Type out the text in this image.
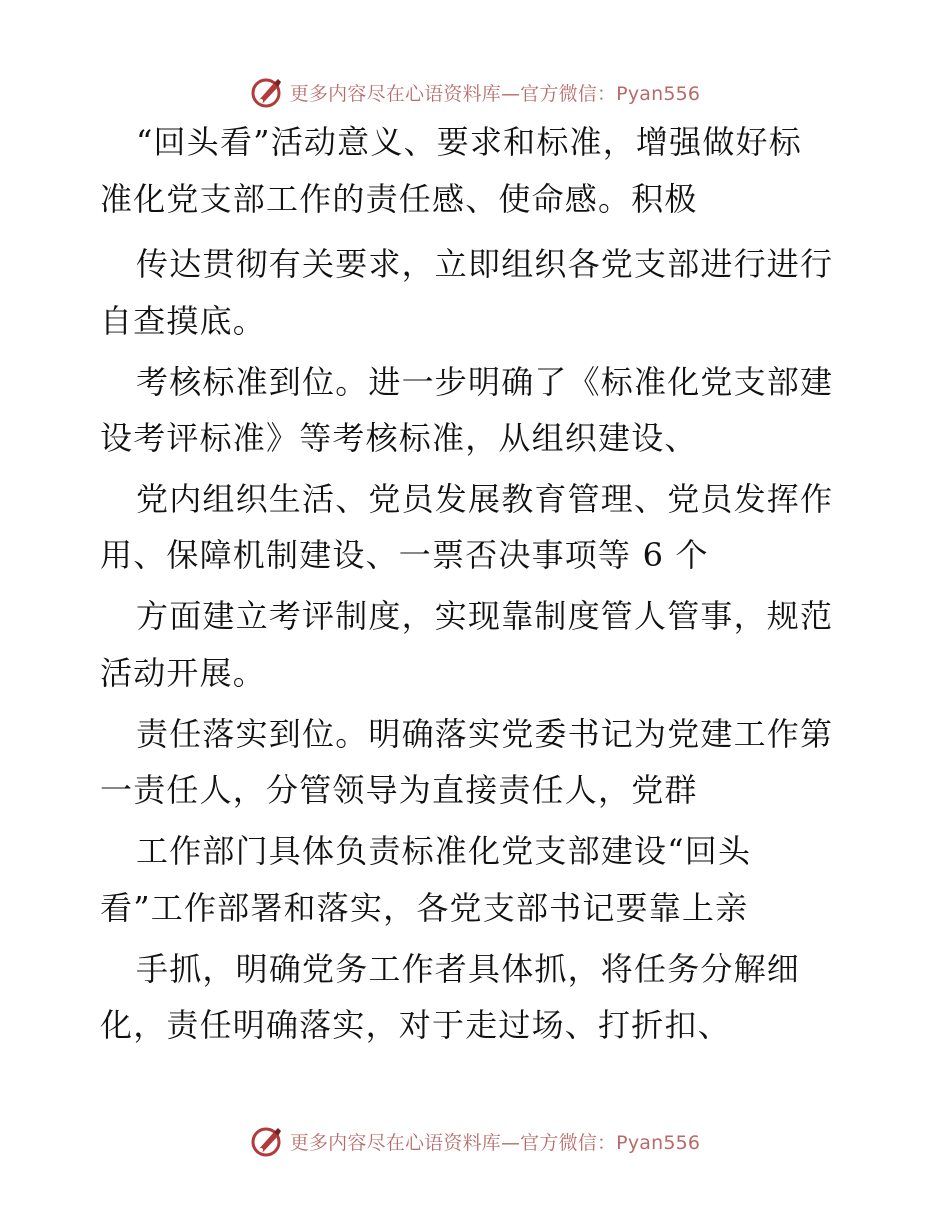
更多内容尽在心语资料库—官方微信：Pyan556
“回头看”活动意义、要求和标准，增强做好标
准化党支部工作的责任感、使命感。积极
传达贯彻有关要求，立即组织各党支部进行进行
自查摸底。
考核标准到位。进一步明确了《标准化党支部建
设考评标准》等考核标准，从组织建设、
党内组织生活、党员发展教育管理、党员发挥作
用、保障机制建设、一票否决事项等 6 个
方面建立考评制度，实现靠制度管人管事，规范
活动开展。
责任落实到位。明确落实党委书记为党建工作第
一责任人，分管领导为直接责任人，党群
工作部门具体负责标准化党支部建设“回头
看”工作部署和落实，各党支部书记要靠上亲
手抓，明确党务工作者具体抓，将任务分解细
化，责任明确落实，对于走过场、打折扣、
更多内容尽在心语资料库—官方微信：Pyan556
